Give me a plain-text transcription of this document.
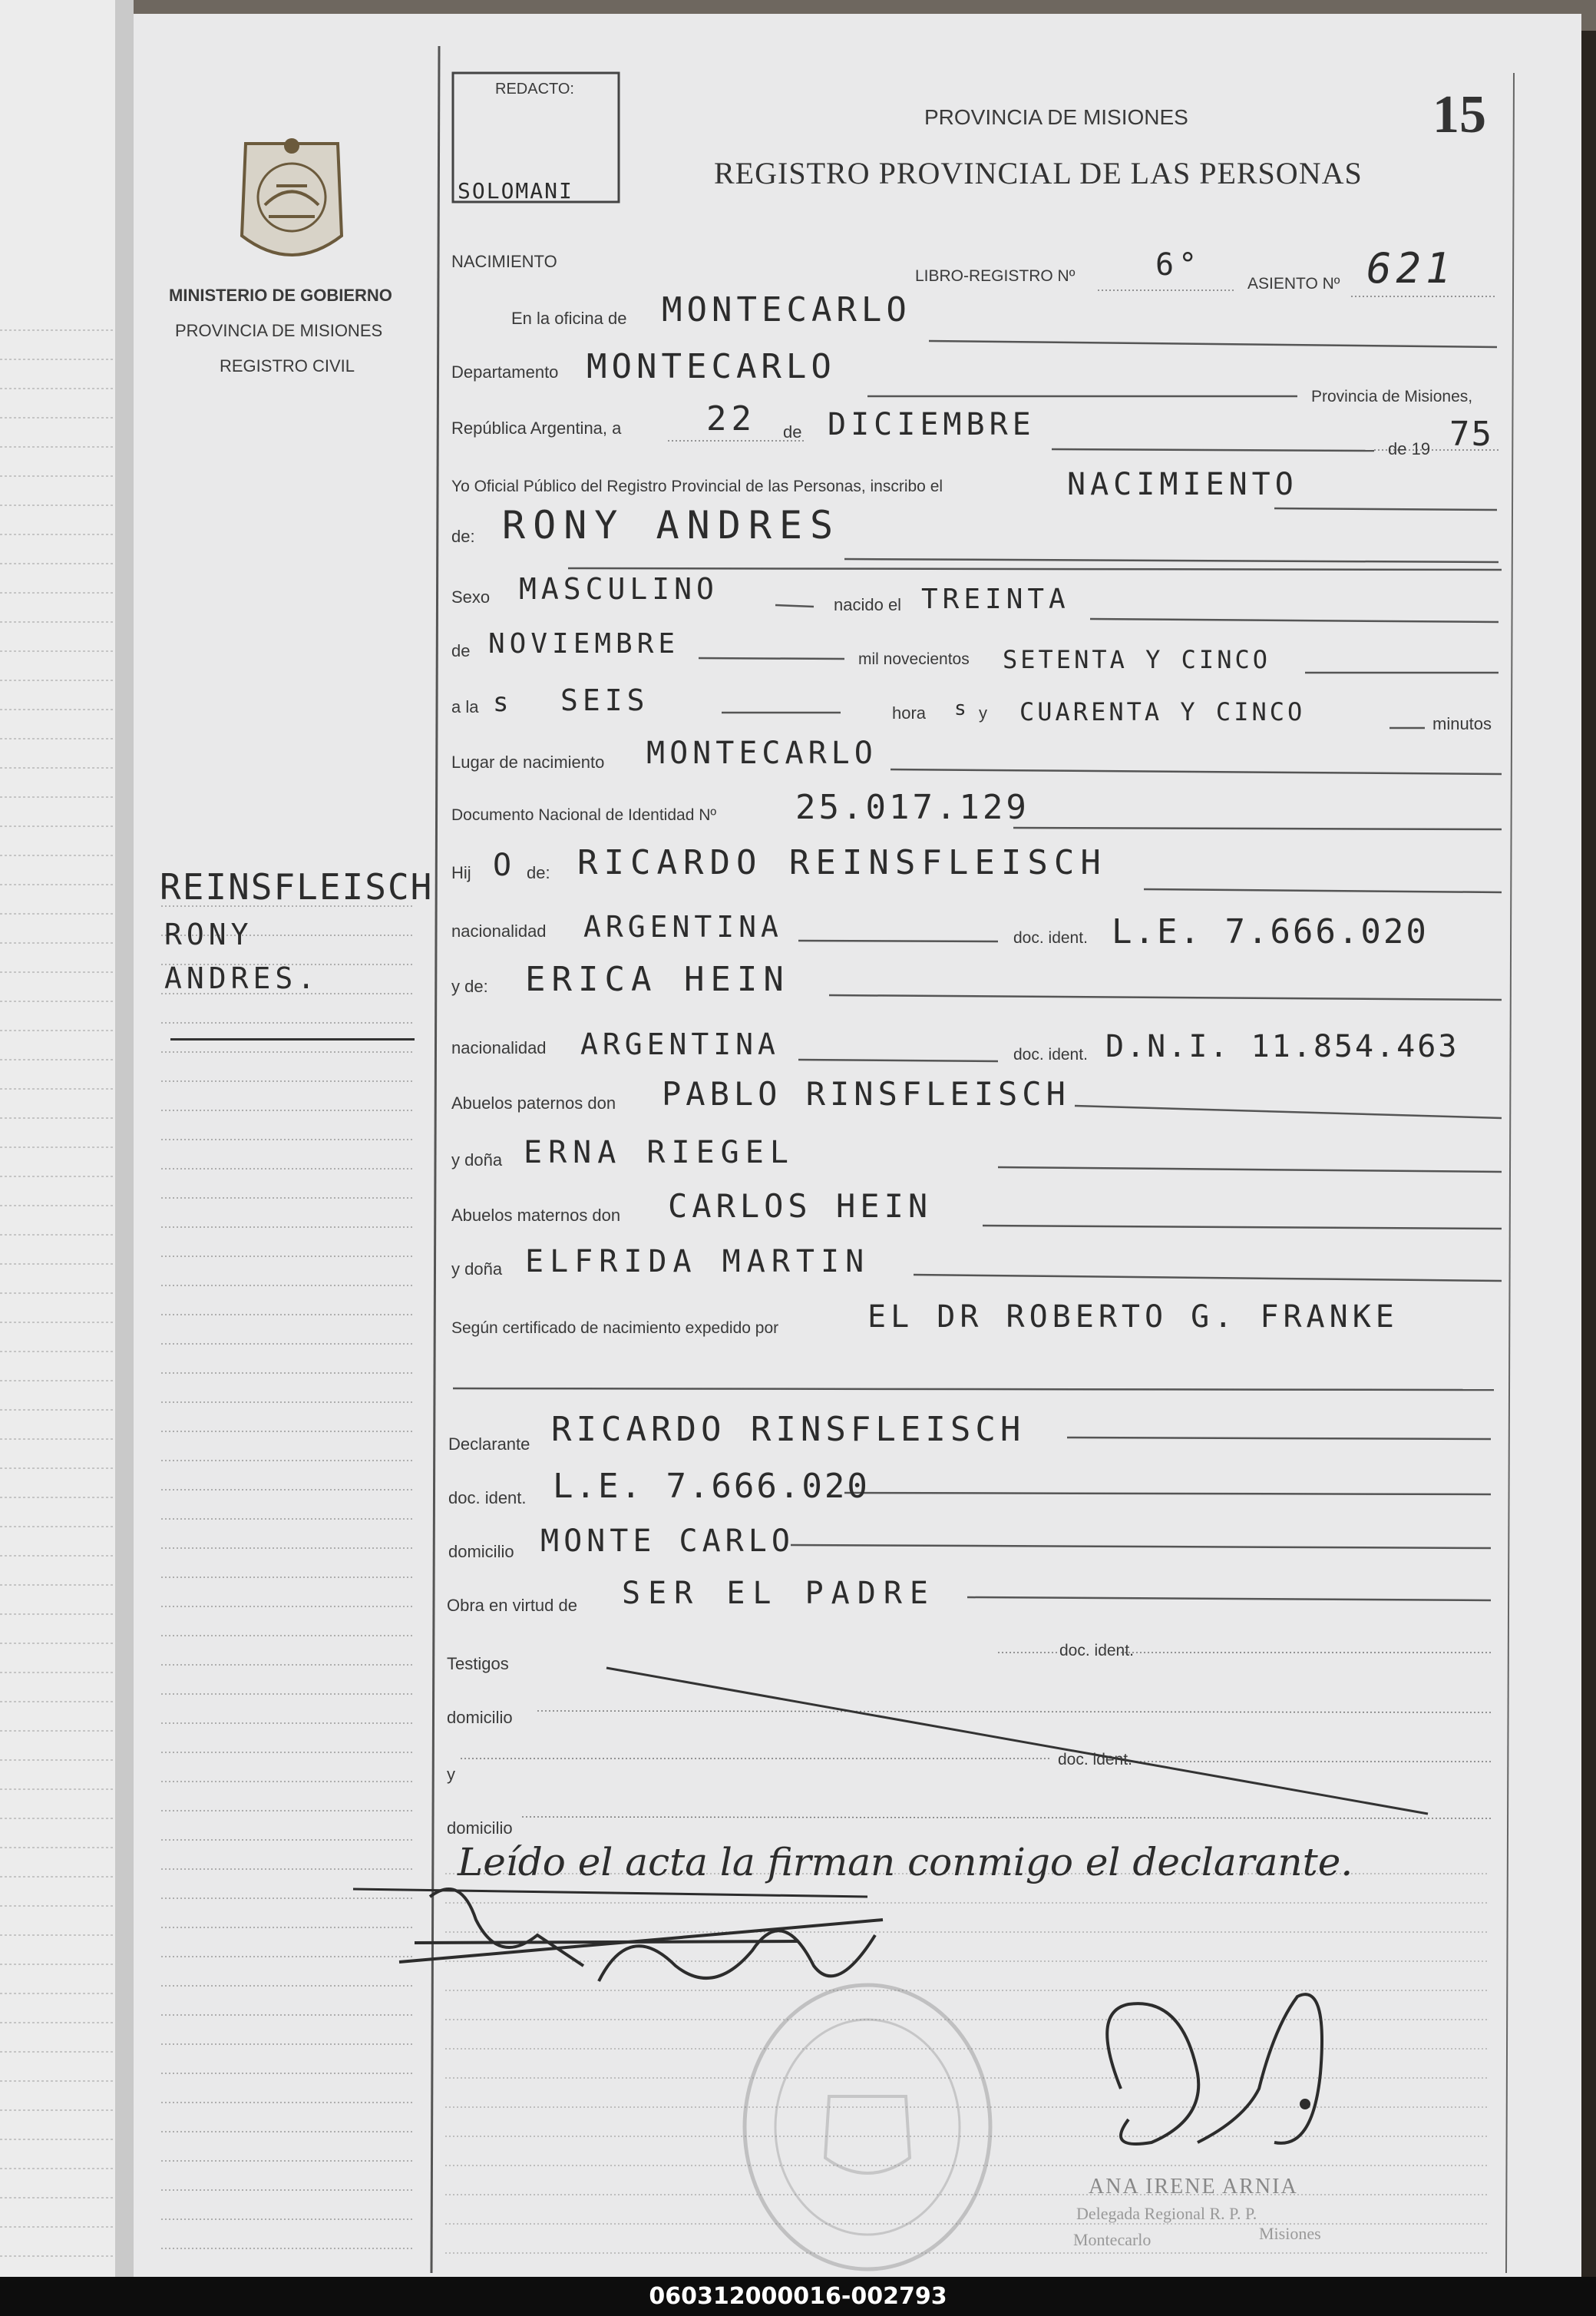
REDACTO:
SOLOMANI
PROVINCIA DE MISIONES
REGISTRO PROVINCIAL DE LAS PERSONAS
15
MINISTERIO DE GOBIERNO
PROVINCIA DE MISIONES
REGISTRO CIVIL
NACIMIENTO
LIBRO-REGISTRO Nº	6°
ASIENTO Nº 621
REINSFLEISCH
RONY
ANDRES.
En la oficina de MONTECARLO
Departamento MONTECARLO
Provincia de Misiones,
República Argentina, a	22 de DICIEMBRE
de 19 75
Yo Oficial Público del Registro Provincial de las Personas, inscribo el	NACIMIENTO
de: RONY ANDRES
Sexo MASCULINO	nacido el TREINTA
de NOVIEMBRE	mil novecientos SETENTA Y CINCO
a la s SEIS	hora s y CUARENTA Y CINCO	minutos
Lugar de nacimiento MONTECARLO
Documento Nacional de Identidad Nº 25.017.129
Hij O de: RICARDO REINSFLEISCH
nacionalidad ARGENTINA	doc. ident. L.E. 7.666.020
y de: ERICA HEIN
nacionalidad ARGENTINA	doc. ident. D.N.I. 11.854.463
Abuelos paternos don PABLO RINSFLEISCH
y doña ERNA RIEGEL
Abuelos maternos don CARLOS HEIN
y doña ELFRIDA MARTIN
Según certificado de nacimiento expedido por	EL DR ROBERTO G. FRANKE
Declarante RICARDO RINSFLEISCH
doc. ident. L.E. 7.666.020
domicilio MONTE CARLO
Obra en virtud de SER EL PADRE
Testigos
doc. ident.
domicilio
y
doc. ident.
domicilio
Leído el acta la firman conmigo el declarante.
ANA IRENE ARNIA
Delegada Regional R. P. P.
Montecarlo	Misiones
060312000016-002793
